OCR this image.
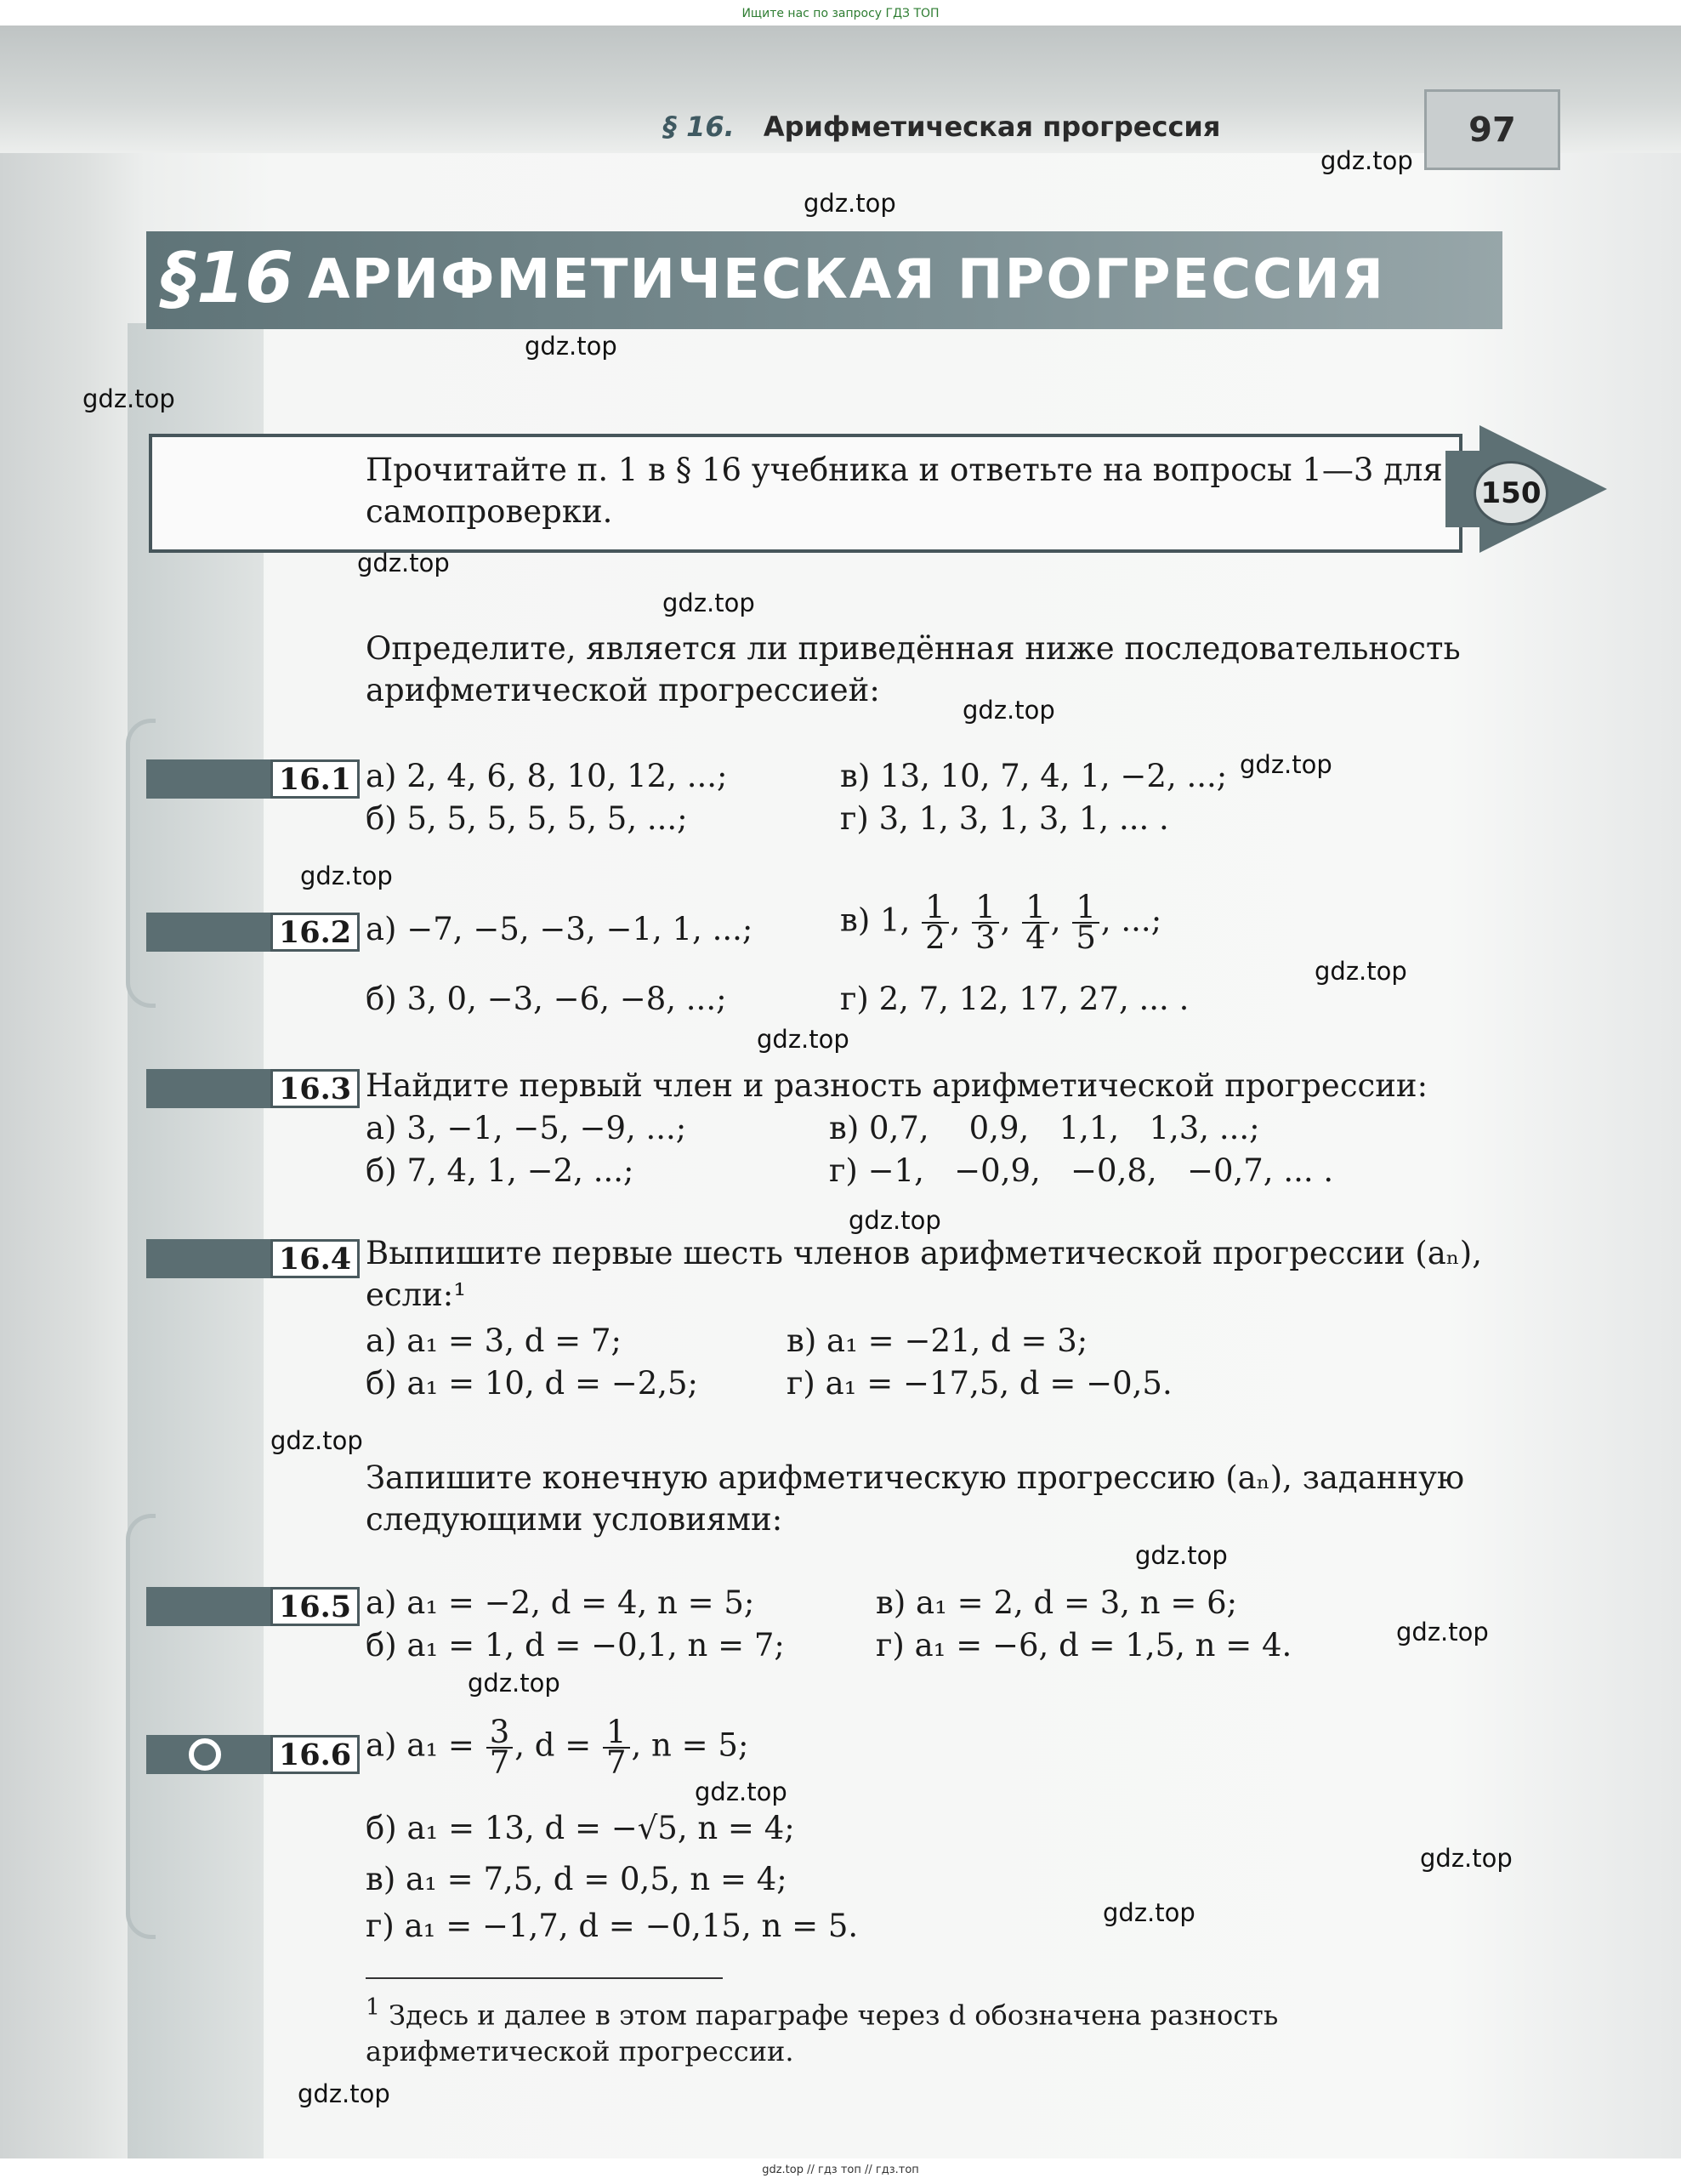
Ищите нас по запросу ГДЗ ТОП
§ 16. Арифметическая прогрессия	97
§16 АРИФМЕТИЧЕСКАЯ ПРОГРЕССИЯ
Прочитайте п. 1 в § 16 учебника и ответьте на вопросы 1—3 для самопроверки.	150
Определите, является ли приведённая ниже последовательность арифметической прогрессией:
16.1 а) 2, 4, 6, 8, 10, 12, ...;	в) 13, 10, 7, 4, 1, −2, ...;
б) 5, 5, 5, 5, 5, 5, ...;	г) 3, 1, 3, 1, 3, 1, ... .
16.2 а) −7, −5, −3, −1, 1, ...;	в) 1, $\frac{1}{2}$ , $\frac{1}{3}$ , $\frac{1}{4}$ , $\frac{1}{5}$ , ...;
б) 3, 0, −3, −6, −8, ...;	г) 2, 7, 12, 17, 27, ... .
16.3 Найдите первый член и разность арифметической прогрессии:
а) 3, −1, −5, −9, ...;	в) 0,7,    0,9,   1,1,   1,3, ...;
б) 7, 4, 1, −2, ...;	г) −1,   −0,9,   −0,8,   −0,7, ... .
16.4 Выпишите первые шесть членов арифметической прогрессии (aₙ), если:¹
а) a₁ = 3, d = 7;	в) a₁ = −21, d = 3;
б) a₁ = 10, d = −2,5;	г) a₁ = −17,5, d = −0,5.
Запишите конечную арифметическую прогрессию (aₙ), заданную следующими условиями:
16.5 а) a₁ = −2, d = 4, n = 5;	в) a₁ = 2, d = 3, n = 6;
б) a₁ = 1, d = −0,1, n = 7;	г) a₁ = −6, d = 1,5, n = 4.
16.6 а) $a_1 = \frac{3}{7}$ , $d = \frac{1}{7}$ , n = 5;
б) a₁ = 13, d = −√5, n = 4;
в) a₁ = 7,5, d = 0,5, n = 4;
г) a₁ = −1,7, d = −0,15, n = 5.
$^1$ Здесь и далее в этом параграфе через d обозначена разность арифметической прогрессии.
gdz.top
gdz.top
gdz.top
gdz.top
gdz.top
gdz.top
gdz.top
gdz.top
gdz.top
gdz.top
gdz.top
gdz.top
gdz.top
gdz.top
gdz.top
gdz.top
gdz.top
gdz.top
gdz.top
gdz.top
gdz.top // гдз топ // гдз.топ
